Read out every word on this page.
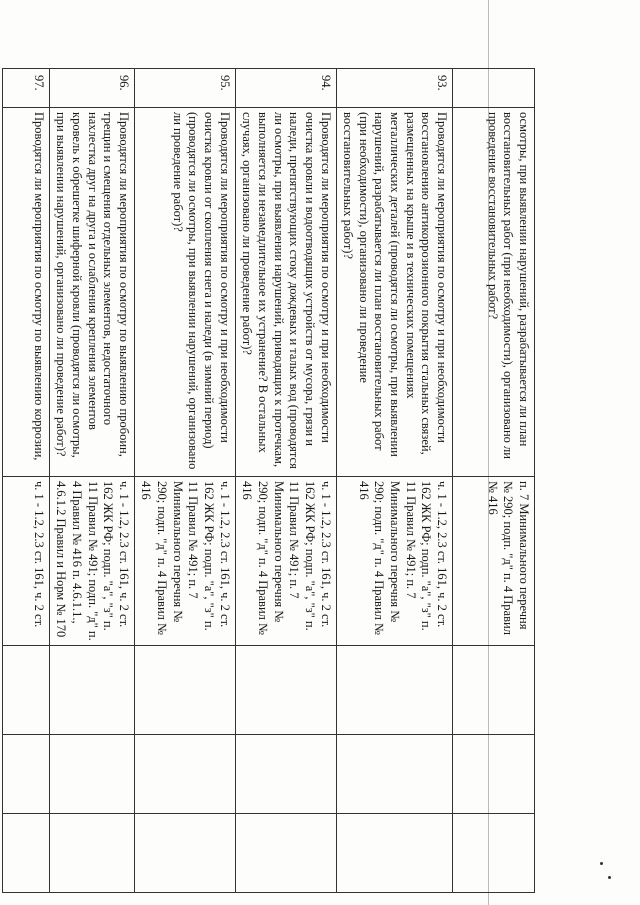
	осмотры, при выявлении нарушений, разрабатывается ли план восстановительных работ (при необходимости), организовано ли проведение восстановительных работ?	п. 7 Минимального перечня № 290; подп. "д" п. 4 Правил № 416			
93.	Проводятся ли мероприятия по осмотру и при необходимости восстановлению антикоррозионного покрытия стальных связей, размещенных на крыше и в технических помещениях металлических деталей (проводятся ли осмотры, при выявлении нарушений, разрабатывается ли план восстановительных работ (при необходимости), организовано ли проведение восстановительных работ)?	ч. 1 - 1.2, 2.3 ст. 161, ч. 2 ст. 162 ЖК РФ; подп. "а", "з" п. 11 Правил № 491; п. 7 Минимального перечня № 290; подп. "д" п. 4 Правил № 416			
94.	Проводятся ли мероприятия по осмотру и при необходимости очистка кровли и водоотводящих устройств от мусора, грязи и наледи, препятствующих стоку дождевых и талых вод (проводятся ли осмотры, при выявлении нарушений, приводящих к протечкам, выполняется ли незамедлительное их устранение? В остальных случаях, организовано ли проведение работ)?	ч. 1 - 1.2, 2.3 ст. 161, ч. 2 ст. 162 ЖК РФ; подп. "а", "з" п. 11 Правил № 491; п. 7 Минимального перечня № 290; подп. "д" п. 4 Правил № 416			
95.	Проводятся ли мероприятия по осмотру и при необходимости очистка кровли от скопления снега и наледи (в зимний период) (проводятся ли осмотры, при выявлении нарушений, организовано ли проведение работ)?	ч. 1 - 1.2, 2.3 ст. 161, ч. 2 ст. 162 ЖК РФ; подп. "а", "з" п. 11 Правил № 491; п. 7 Минимального перечня № 290; подп. "д" п. 4 Правил № 416			
96.	Проводятся ли мероприятия по осмотру по выявлению пробоин, трещин и смещения отдельных элементов, недостаточного нахлестка друг на друга и ослабления крепления элементов кровель к обрешетке шиферной кровли (проводятся ли осмотры, при выявлении нарушений, организовано ли проведение работ)?	ч. 1 - 1.2, 2.3 ст. 161, ч. 2 ст. 162 ЖК РФ; подп. "а", "з" п. 11 Правил № 491; подп. "д" п. 4 Правил № 416 п. 4.6.1.1., 4.6.1.2 Правил и Норм № 170			
97.	Проводятся ли мероприятия по осмотру по выявлению коррозии,	ч. 1 - 1.2, 2.3 ст. 161, ч. 2 ст.			
